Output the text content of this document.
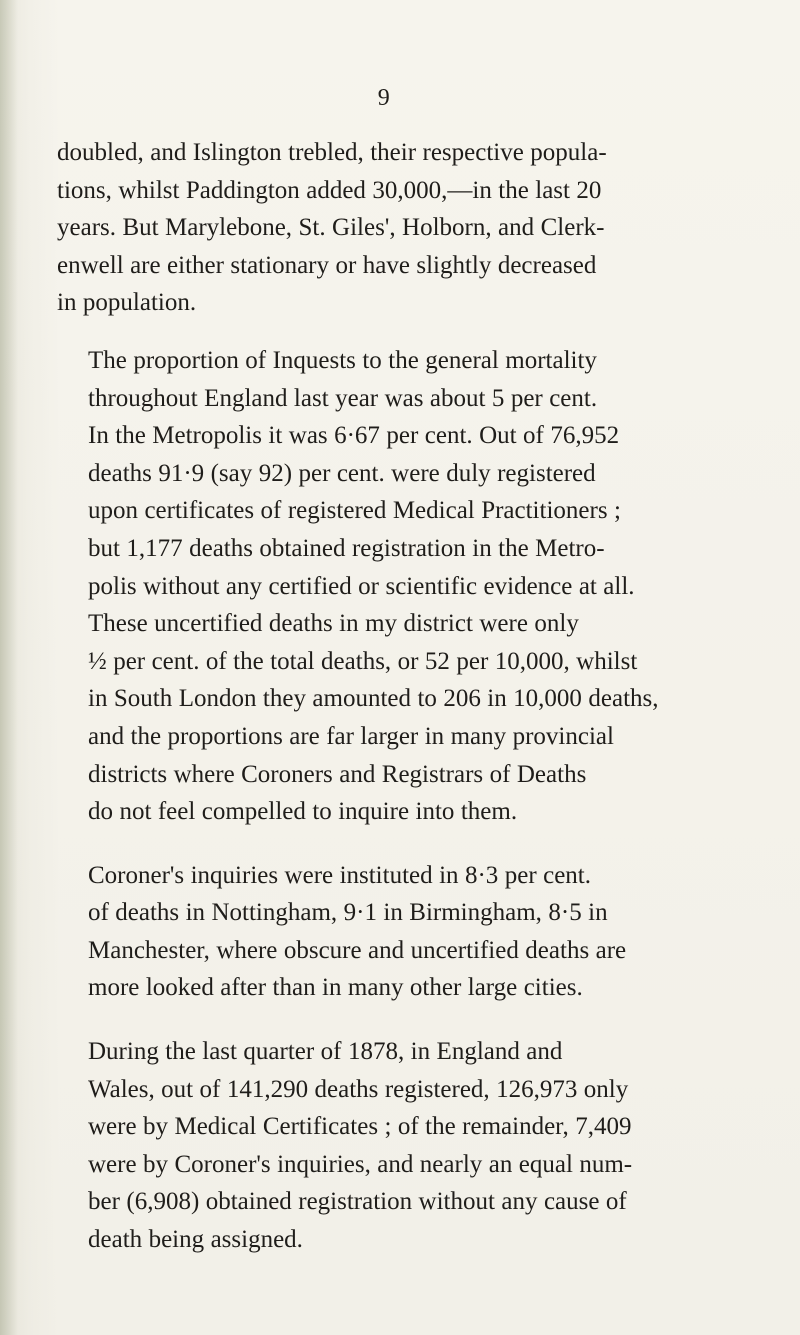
9

doubled, and Islington trebled, their respective popula-
tions, whilst Paddington added 30,000,—in the last 20
years. But Marylebone, St. Giles', Holborn, and Clerk-
enwell are either stationary or have slightly decreased
in population.

The proportion of Inquests to the general mortality
throughout England last year was about 5 per cent.
In the Metropolis it was 6·67 per cent. Out of 76,952
deaths 91·9 (say 92) per cent. were duly registered
upon certificates of registered Medical Practitioners ;
but 1,177 deaths obtained registration in the Metro-
polis without any certified or scientific evidence at all.
These uncertified deaths in my district were only
½ per cent. of the total deaths, or 52 per 10,000, whilst
in South London they amounted to 206 in 10,000 deaths,
and the proportions are far larger in many provincial
districts where Coroners and Registrars of Deaths
do not feel compelled to inquire into them.

Coroner's inquiries were instituted in 8·3 per cent.
of deaths in Nottingham, 9·1 in Birmingham, 8·5 in
Manchester, where obscure and uncertified deaths are
more looked after than in many other large cities.

During the last quarter of 1878, in England and
Wales, out of 141,290 deaths registered, 126,973 only
were by Medical Certificates ; of the remainder, 7,409
were by Coroner's inquiries, and nearly an equal num-
ber (6,908) obtained registration without any cause of
death being assigned.
